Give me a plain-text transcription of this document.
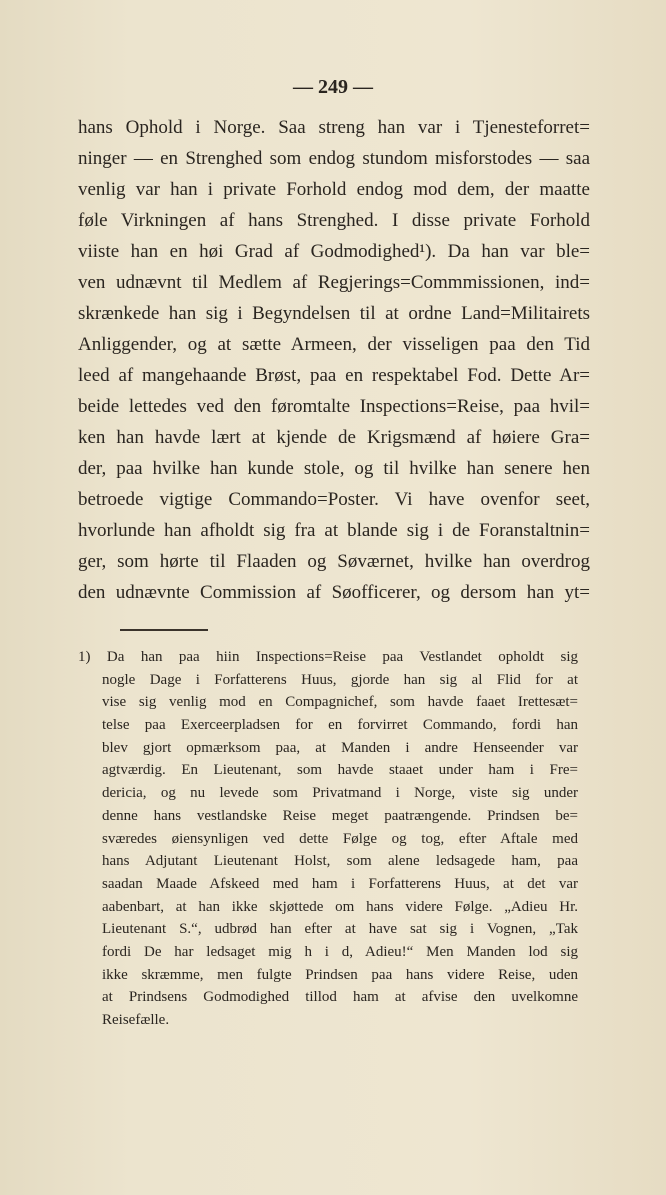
— 249 —
hans Ophold i Norge. Saa streng han var i Tjenesteforret=
ninger — en Strenghed som endog stundom misforstodes — saa
venlig var han i private Forhold endog mod dem, der maatte
føle Virkningen af hans Strenghed. I disse private Forhold
viiste han en høi Grad af Godmodighed¹). Da han var ble=
ven udnævnt til Medlem af Regjerings=Commmissionen, ind=
skrænkede han sig i Begyndelsen til at ordne Land=Militairets
Anliggender, og at sætte Armeen, der visseligen paa den Tid
leed af mangehaande Brøst, paa en respektabel Fod. Dette Ar=
beide lettedes ved den føromtalte Inspections=Reise, paa hvil=
ken han havde lært at kjende de Krigsmænd af høiere Gra=
der, paa hvilke han kunde stole, og til hvilke han senere hen
betroede vigtige Commando=Poster. Vi have ovenfor seet,
hvorlunde han afholdt sig fra at blande sig i de Foranstaltnin=
ger, som hørte til Flaaden og Søværnet, hvilke han overdrog
den udnævnte Commission af Søofficerer, og dersom han yt=
1) Da han paa hiin Inspections=Reise paa Vestlandet opholdt sig
nogle Dage i Forfatterens Huus, gjorde han sig al Flid for at
vise sig venlig mod en Compagnichef, som havde faaet Irettesæt=
telse paa Exerceerpladsen for en forvirret Commando, fordi han
blev gjort opmærksom paa, at Manden i andre Henseender var
agtværdig. En Lieutenant, som havde staaet under ham i Fre=
dericia, og nu levede som Privatmand i Norge, viste sig under
denne hans vestlandske Reise meget paatrængende. Prindsen be=
sværedes øiensynligen ved dette Følge og tog, efter Aftale med
hans Adjutant Lieutenant Holst, som alene ledsagede ham, paa
saadan Maade Afskeed med ham i Forfatterens Huus, at det var
aabenbart, at han ikke skjøttede om hans videre Følge. „Adieu Hr.
Lieutenant S.“, udbrød han efter at have sat sig i Vognen, „Tak
fordi De har ledsaget mig h i d, Adieu!“ Men Manden lod sig
ikke skræmme, men fulgte Prindsen paa hans videre Reise, uden
at Prindsens Godmodighed tillod ham at afvise den uvelkomne
Reisefælle.
